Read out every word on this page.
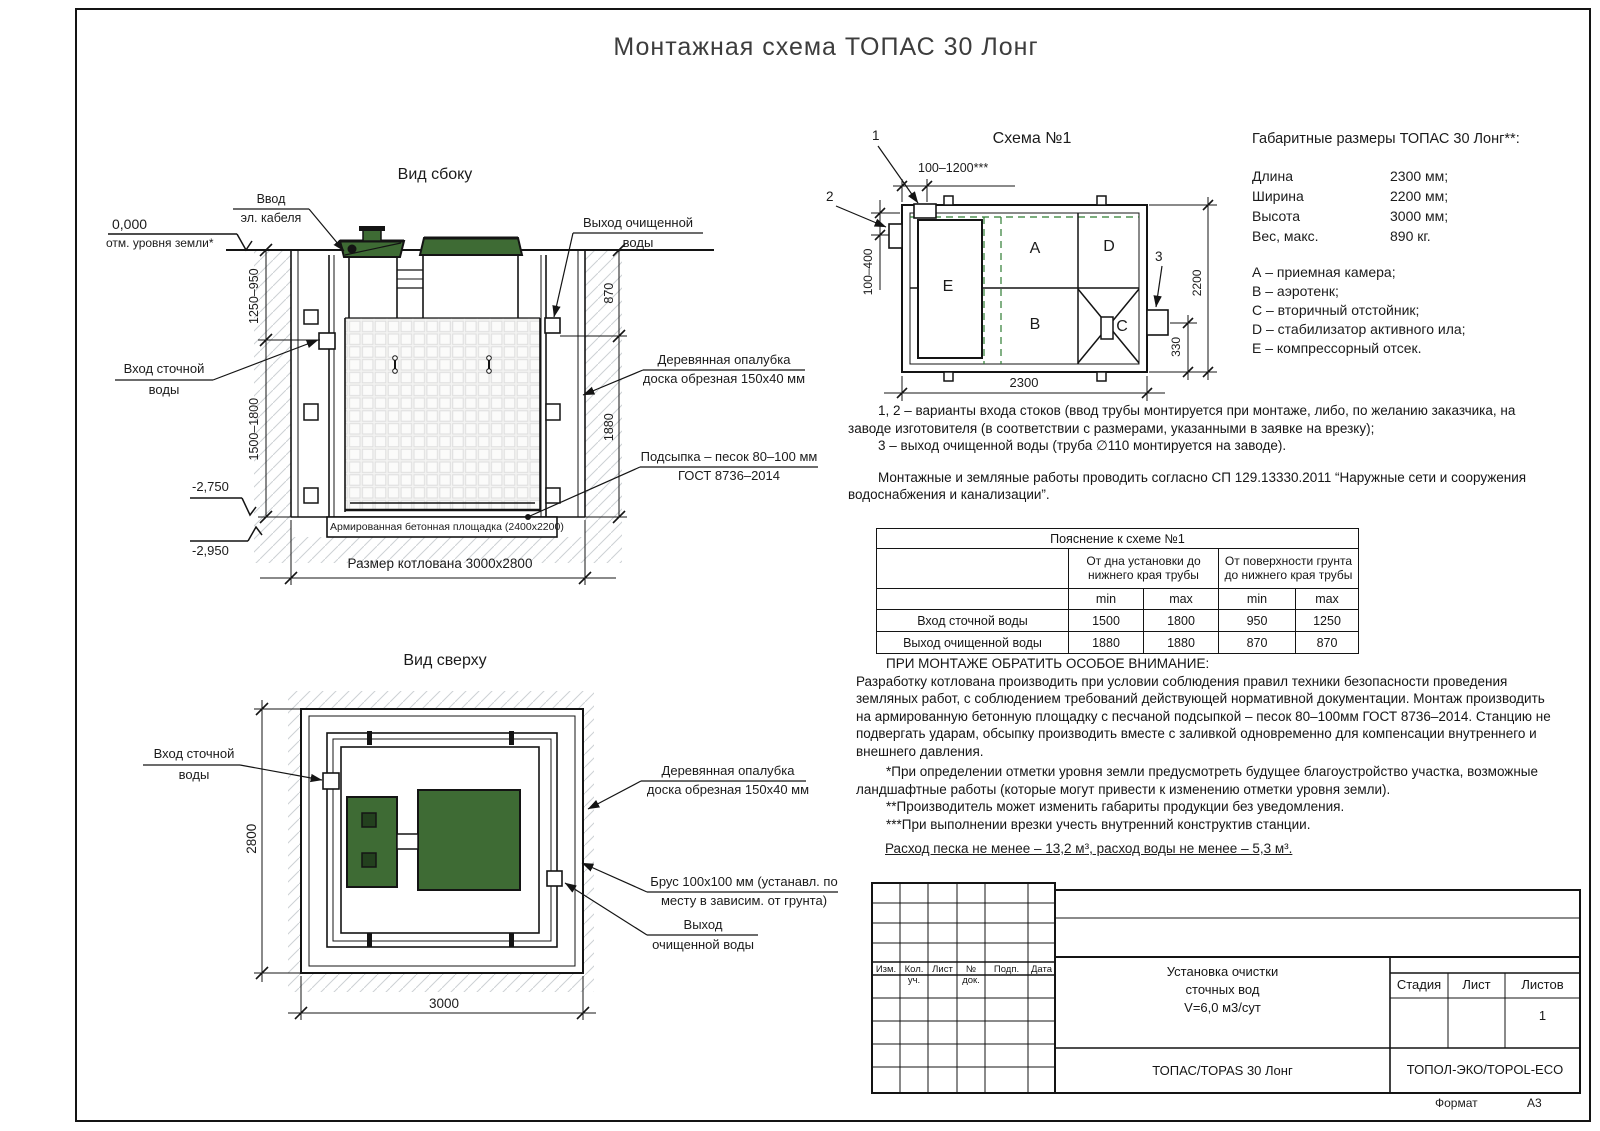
Монтажная схема ТОПАС 30 Лонг
Вид сбоку
0,000
отм. уровня земли*
Ввод
эл. кабеля
Вход сточной
воды
Выход очищенной
воды
Деревянная опалубка
доска обрезная 150х40 мм
Подсыпка – песок 80–100 мм
ГОСТ 8736–2014
Армированная бетонная площадка (2400х2200)
Размер котлована 3000х2800
1250–950
1500–1800
870
1880
-2,750
-2,950
Вид сверху
Вход сточной
воды	Деревянная опалубка
доска обрезная 150х40 мм
Брус 100х100 мм (устанавл. по
месту в зависим. от грунта)
Выход
очищенной воды
2800
3000
Схема №1
1
2
3
A
B	C
D
E
100–1200***
100–400	2200
330
2300
Габаритные размеры ТОПАС 30 Лонг**:
Длина	2300 мм;
Ширина	2200 мм;
Высота	3000 мм;
Вес, макс.	890 кг.
А – приемная камера;
В – аэротенк;
С – вторичный отстойник;
D – стабилизатор активного ила;
Е – компрессорный отсек.

1, 2 – варианты входа стоков (ввод трубы монтируется при монтаже, либо, по желанию заказчика, на заводе изготовителя (в соответствии с размерами, указанными в заявке на врезку);

3 – выход очищенной воды (труба ∅110 монтируется на заводе).

Монтажные и земляные работы проводить согласно СП 129.13330.2011 “Наружные сети и сооружения водоснабжения и канализации”.

Пояснение к схеме №1				
	От дна установки до нижнего края трубы		От поверхности грунта до нижнего края трубы	
	min	max	min	max
Вход сточной воды	1500	1800	950	1250
Выход очищенной воды	1880	1880	870	870

ПРИ МОНТАЖЕ ОБРАТИТЬ ОСОБОЕ ВНИМАНИЕ:

Разработку котлована производить при условии соблюдения правил техники безопасности проведения земляных работ, с соблюдением требований действующей нормативной документации. Монтаж производить на армированную бетонную площадку с песчаной подсыпкой – песок 80–100мм ГОСТ 8736–2014. Станцию не подвергать ударам, обсыпку производить вместе с заливкой одновременно для компенсации внутреннего и внешнего давления.

*При определении отметки уровня земли предусмотреть будущее благоустройство участка, возможные ландшафтные работы (которые могут привести к изменению отметки уровня земли).

**Производитель может изменить габариты продукции без уведомления.

***При выполнении врезки учесть внутренний конструктив станции.

Расход песка не менее – 13,2 м³, расход воды не менее – 5,3 м³.
Изм. Кол. уч.
Лист	№ док.
Подп.	Дата	Установка очистки
сточных вод
V=6,0 м3/сут
Стадия	Лист	Листов
1
ТОПАС/TOPAS 30 Лонг	ТОПОЛ-ЭКО/TOPOL-ECO
Формат	А3
